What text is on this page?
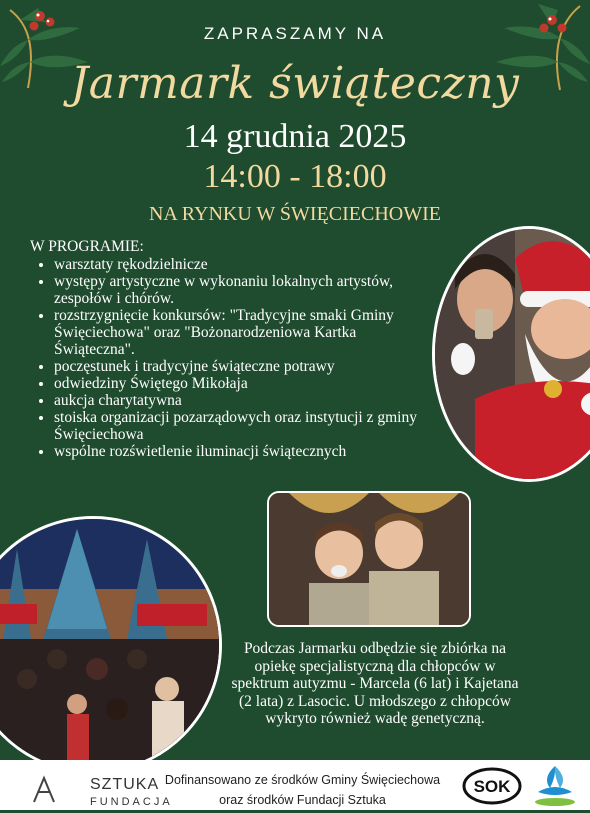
ZAPRASZAMY NA
Jarmark świąteczny
14 grudnia 2025
14:00 - 18:00
NA RYNKU W ŚWIĘCIECHOWIE
W PROGRAMIE:
• warsztaty rękodzielnicze
• występy artystyczne w wykonaniu lokalnych artystów, zespołów i chórów.
• rozstrzygnięcie konkursów: "Tradycyjne smaki Gminy Święciechowa" oraz "Bożonarodzeniowa Kartka Świąteczna".
• poczęstunek i tradycyjne świąteczne potrawy
• odwiedziny Świętego Mikołaja
• aukcja charytatywna
• stoiska organizacji pozarządowych oraz instytucji z gminy Święciechowa
• wspólne rozświetlenie iluminacji świątecznych
Podczas Jarmarku odbędzie się zbiórka na opiekę specjalistyczną dla chłopców w spektrum autyzmu - Marcela (6 lat) i Kajetana (2 lata) z Lasocic. U młodszego z chłopców wykryto również wadę genetyczną.
SZTUKA
FUNDACJA
Dofinansowano ze środków Gminy Święciechowa
oraz środków Fundacji Sztuka
SOK
